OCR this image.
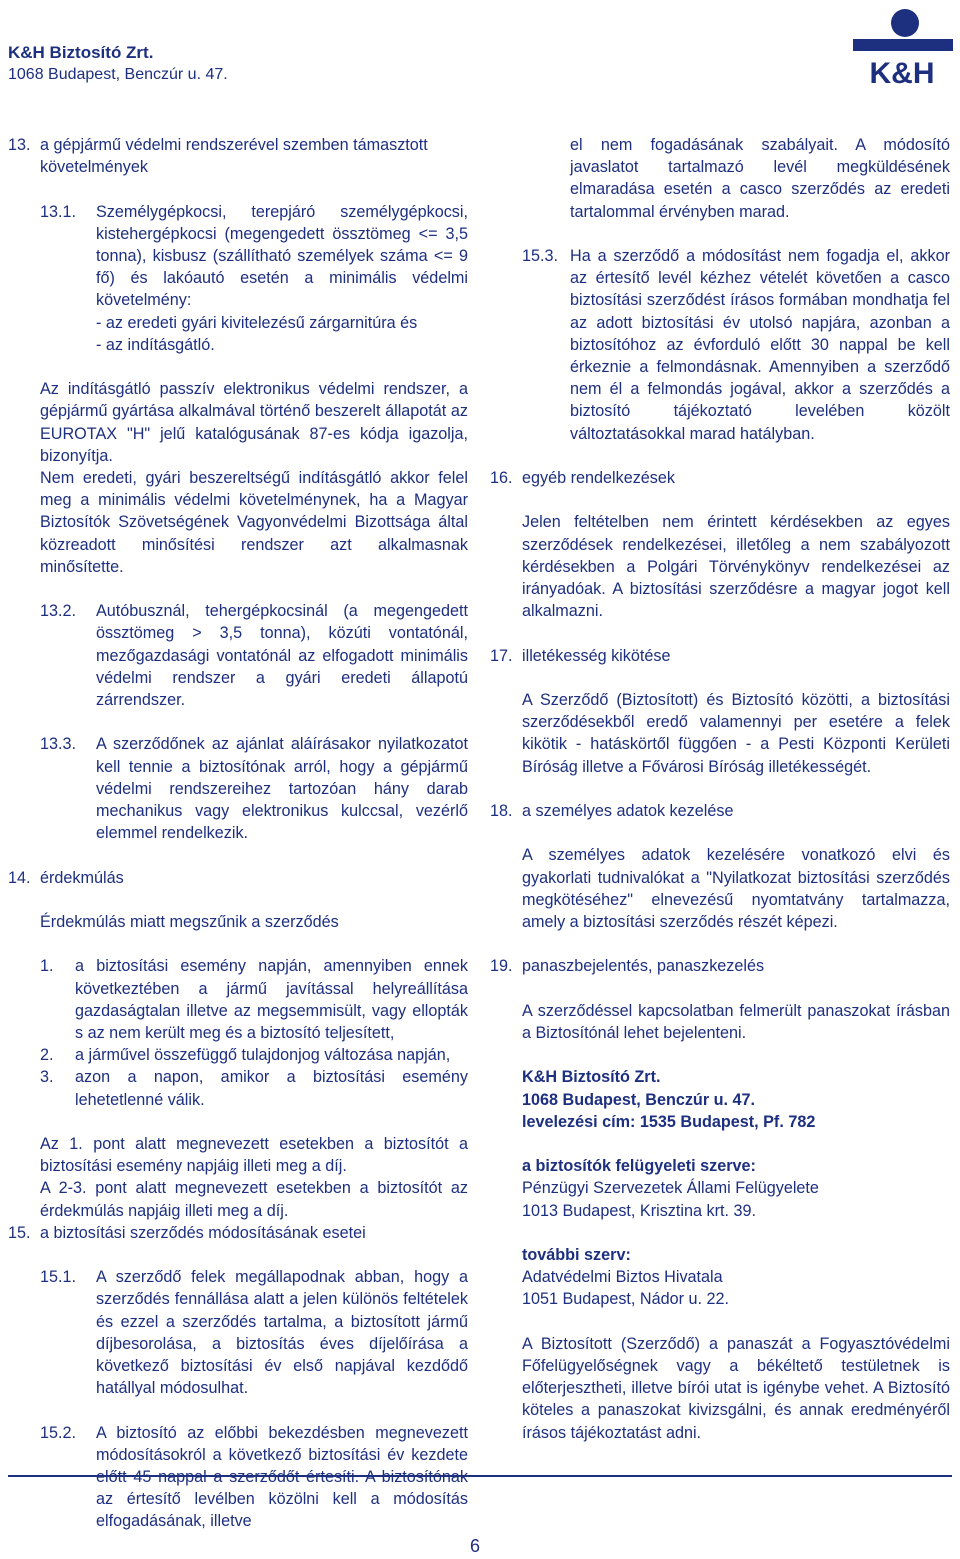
K&H Biztosító Zrt.
1068 Budapest, Benczúr u. 47.	K&H
13. a gépjármű védelmi rendszerével szemben támasztott követelmények
13.1.	Személygépkocsi, terepjáró személygépkocsi, kistehergépkocsi (megengedett össztömeg <= 3,5 tonna), kisbusz (szállítható személyek száma <= 9 fő) és lakóautó esetén a minimális védelmi követelmény:
- az eredeti gyári kivitelezésű zárgarnitúra és
- az indításgátló.

Az indításgátló passzív elektronikus védelmi rendszer, a gépjármű gyártása alkalmával történő beszerelt állapotát az EUROTAX "H" jelű katalógusának 87-es kódja igazolja, bizonyítja.

Nem eredeti, gyári beszereltségű indításgátló akkor felel meg a minimális védelmi követelménynek, ha a Magyar Biztosítók Szövetségének Vagyonvédelmi Bizottsága által közreadott minősítési rendszer azt alkalmasnak minősítette.

13.2.	Autóbusznál, tehergépkocsinál (a megengedett össztömeg > 3,5 tonna), közúti vontatónál, mezőgazdasági vontatónál az elfogadott minimális védelmi rendszer a gyári eredeti állapotú zárrendszer.
13.3.	A szerződőnek az ajánlat aláírásakor nyilatkozatot kell tennie a biztosítónak arról, hogy a gépjármű védelmi rendszereihez tartozóan hány darab mechanikus vagy elektronikus kulccsal, vezérlő elemmel rendelkezik.
14. érdekmúlás

Érdekmúlás miatt megszűnik a szerződés

1.	a biztosítási esemény napján, amennyiben ennek következtében a jármű javítással helyreállítása gazdaságtalan illetve az megsemmisült, vagy ellopták s az nem került meg és a biztosító teljesített,
2.	a járművel összefüggő tulajdonjog változása napján,
3.	azon a napon, amikor a biztosítási esemény lehetetlenné válik.

Az 1. pont alatt megnevezett esetekben a biztosítót a biztosítási esemény napjáig illeti meg a díj.

A 2-3. pont alatt megnevezett esetekben a biztosítót az érdekmúlás napjáig illeti meg a díj.

15. a biztosítási szerződés módosításának esetei
15.1.	A szerződő felek megállapodnak abban, hogy a szerződés fennállása alatt a jelen különös feltételek és ezzel a szerződés tartalma, a biztosított jármű díjbesorolása, a biztosítás éves díjelőírása a következő biztosítási év első napjával kezdődő hatállyal módosulhat.
15.2.	A biztosító az előbbi bekezdésben megnevezett módosításokról a következő biztosítási év kezdete előtt 45 nappal a szerződőt értesíti. A biztosítónak az értesítő levélben közölni kell a módosítás elfogadásának, illetve

el nem fogadásának szabályait. A módosító javaslatot tartalmazó levél megküldésének elmaradása esetén a casco szerződés az eredeti tartalommal érvényben marad.

15.3. Ha a szerződő a módosítást nem fogadja el, akkor az értesítő levél kézhez vételét követően a casco biztosítási szerződést írásos formában mondhatja fel az adott biztosítási év utolsó napjára, azonban a biztosítóhoz az évforduló előtt 30 nappal be kell érkeznie a felmondásnak. Amennyiben a szerződő nem él a felmondás jogával, akkor a szerződés a biztosító tájékoztató levelében közölt változtatásokkal marad hatályban.
16. egyéb rendelkezések

Jelen feltételben nem érintett kérdésekben az egyes szerződések rendelkezései, illetőleg a nem szabályozott kérdésekben a Polgári Törvénykönyv rendelkezései az irányadóak. A biztosítási szerződésre a magyar jogot kell alkalmazni.

17. illetékesség kikötése

A Szerződő (Biztosított) és Biztosító közötti, a biztosítási szerződésekből eredő valamennyi per esetére a felek kikötik - hatáskörtől függően - a Pesti Központi Kerületi Bíróság illetve a Fővárosi Bíróság illetékességét.

18. a személyes adatok kezelése

A személyes adatok kezelésére vonatkozó elvi és gyakorlati tudnivalókat a "Nyilatkozat biztosítási szerződés megkötéséhez" elnevezésű nyomtatvány tartalmazza, amely a biztosítási szerződés részét képezi.

19. panaszbejelentés, panaszkezelés

A szerződéssel kapcsolatban felmerült panaszokat írásban a Biztosítónál lehet bejelenteni.

K&H Biztosító Zrt.
1068 Budapest, Benczúr u. 47.
levelezési cím: 1535 Budapest, Pf. 782
a biztosítók felügyeleti szerve:
Pénzügyi Szervezetek Állami Felügyelete
1013 Budapest, Krisztina krt. 39.
további szerv:
Adatvédelmi Biztos Hivatala
1051 Budapest, Nádor u. 22.

A Biztosított (Szerződő) a panaszát a Fogyasztóvédelmi Főfelügyelőségnek vagy a békéltető testületnek is előterjesztheti, illetve bírói utat is igénybe vehet. A Biztosító köteles a panaszokat kivizsgálni, és annak eredményéről írásos tájékoztatást adni.

6
